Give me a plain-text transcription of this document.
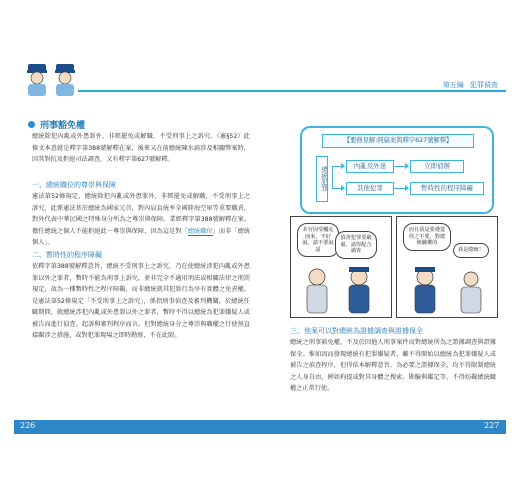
第五編 犯罪偵查
刑事豁免權
總統除犯內亂或外患罪外，非經罷免或解職，不受刑事上之訴究。（憲§52）此條文本意就是釋字第388號解釋在案，後來又在前總統陳水扁涉及相關弊案時，因其對抗及拒絕司法調查，又有釋字第627號解釋。
一、總統職位的尊崇與保障
憲法第52條規定，總統除犯內亂或外患罪外，非經罷免或解職，不受刑事上之訴究，此係憲法基於總統為國家元首，對內肩負統率全國陸海空軍等重要職責，對外代表中華民國之特殊身分所為之尊崇與保障。業經釋字第388號解釋在案。擔任總統之個人不能拒絕此一尊崇與保障，因為這是對「總統職位」而非「總統個人」。
二、暫時性的程序障礙
依釋字第388號解釋意旨，總統不受刑事上之訴究，乃在使總統涉犯內亂或外患罪以外之罪者，暫時不能為刑事上訴究，並非完全不適用刑法或相關法律之刑罰規定，故為一種暫時性之程序障礙，而非總統就其犯罪行為享有實體之免責權。是憲法第52條規定「不受刑事上之訴究」，係指刑事偵查及審判機關，於總統任職期間，就總統涉犯內亂或外患罪以外之罪者，暫時不得以總統為犯罪嫌疑人或被告而進行偵查、起訴與審判程序而言。但對總統身分之尊崇與職權之行使無直接關涉之措施，或對犯罪現場之即時勘察，不在此限。
【要務見解:阿扁案與釋字627號解釋】
總統犯罪
內亂及外患
其他犯罪
立即偵辦
暫時性的程序障礙
本官因受囑託而來，不好說，請不要說話
偵查犯罪要嚴肅，請你配合調查
而且我是要遵從你之不要，對總統職權的
我是總統！
三、他案可以對總統為證據調查與證據保全
總統之刑事豁免權，不及於因他人刑事案件而對總統所為之證據調查與證據保全。惟如因而發現總統有犯罪嫌疑者，雖不得開始以總統為犯罪嫌疑人或被告之偵查程序，但得依本解釋意旨，為必要之證據保全，均不得限制總統之人身自由，例如拘提或對其身體之搜索、勘驗與鑑定等，不得妨礙總統職權之正常行使。
226	227
